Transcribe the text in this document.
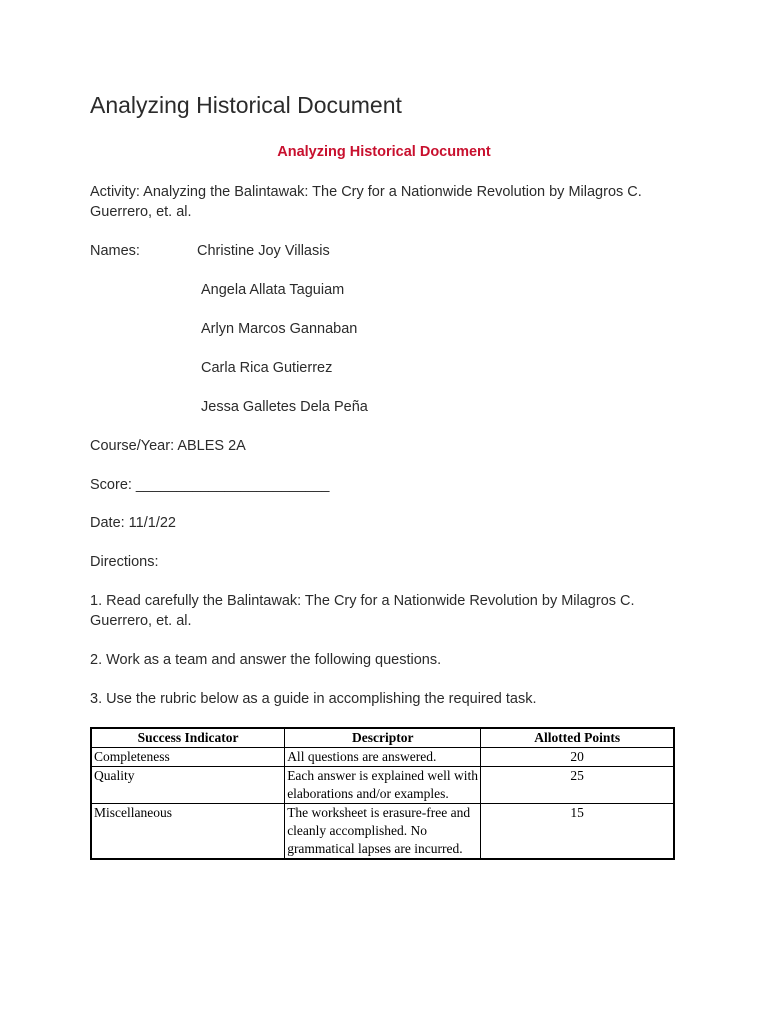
Analyzing Historical Document

Analyzing Historical Document

Activity: Analyzing the Balintawak: The Cry for a Nationwide Revolution by Milagros C. Guerrero, et. al.
Names:	Christine Joy Villasis
Angela Allata Taguiam
Arlyn Marcos Gannaban
Carla Rica Gutierrez
Jessa Galletes Dela Peña
Course/Year: ABLES 2A
Score: ________________________
Date: 11/1/22
Directions:
1. Read carefully the Balintawak: The Cry for a Nationwide Revolution by Milagros C. Guerrero, et. al.
2. Work as a team and answer the following questions.
3. Use the rubric below as a guide in accomplishing the required task.
Success Indicator	Descriptor	Allotted Points
Completeness	All questions are answered.	20
Quality	Each answer is explained well with elaborations and/or examples.	25
Miscellaneous	The worksheet is erasure-free and cleanly accomplished. No grammatical lapses are incurred.	15
